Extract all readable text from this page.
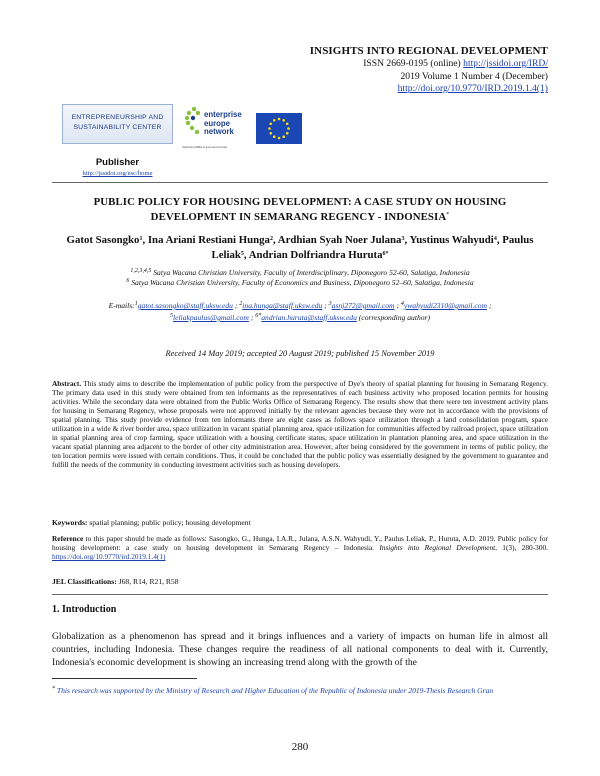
INSIGHTS INTO REGIONAL DEVELOPMENT
ISSN 2669-0195 (online) http://jssidoi.org/IRD/
2019 Volume 1 Number 4 (December)
http://doi.org/10.9770/IRD.2019.1.4(1)
ENTREPRENEURSHIP AND
SUSTAINABILITY CENTER
enterprise
europe
network
Supporting SMEs to grow and innovate
Publisher
http://jssidoi.org/esc/home
PUBLIC POLICY FOR HOUSING DEVELOPMENT: A CASE STUDY ON HOUSING
DEVELOPMENT IN SEMARANG REGENCY - INDONESIA*
Gatot Sasongko$^1$, Ina Ariani Restiani Hunga$^2$, Ardhian Syah Noer Julana$^3$, Yustinus Wahyudi$^4$, Paulus Leliak$^5$, Andrian Dolfriandra Huruta$^{6*}$
$^{1,2,3,4,5}$ Satya Wacana Christian University, Faculty of Interdisciplinary, Diponegoro 52-60, Salatiga, Indonesia
$^6$ Satya Wacana Christian University, Faculty of Economics and Business, Diponegoro 52–60, Salatiga, Indonesia
E-mails:$^1$gatot.sasongko@staff.uksw.edu ; $^2$ina.hunga@staff.uksw.edu ; $^3$asnj272@gmail.com ; $^4$ywahyudi2310@gmail.com ;
$^5$leliakpaulus@gmail.com ; $^{6*}$andrian.huruta@staff.uksw.edu (corresponding author)
Received 14 May 2019; accepted 20 August 2019; published 15 November 2019
Abstract. This study aims to describe the implementation of public policy from the perspective of Dye's theory of spatial planning for housing in Semarang Regency. The primary data used in this study were obtained from ten informants as the representatives of each business activity who proposed location permits for housing activities. While the secondary data were obtained from the Public Works Office of Semarang Regency. The results show that there were ten investment activity plans for housing in Semarang Regency, whose proposals were not approved initially by the relevant agencies because they were not in accordance with the provisions of spatial planning. This study provide evidence from ten informants there are eight cases as follows space utilization through a land consolidation program, space utilization in a wide & river border area, space utilization in vacant spatial planning area, space utilization for communities affected by railroad project, space utilization in spatial planning area of crop farming, space utilization with a housing certificate status, space utilization in plantation planning area, and space utilization in the vacant spatial planning area adjacent to the border of other city administration area. However, after being considered by the government in terms of public policy, the ten location permits were issued with certain conditions. Thus, it could be concluded that the public policy was essentially designed by the government to guarantee and fulfill the needs of the community in conducting investment activities such as housing developers.
Keywords: spatial planning; public policy; housing development
Reference to this paper should be made as follows: Sasongko, G., Hunga, I.A.R., Julana, A.S.N. Wahyudi, Y., Paulus Leliak, P., Huruta, A.D. 2019. Public policy for housing development: a case study on housing development in Semarang Regency – Indonesia. Insights into Regional Development, 1(3), 280-300. https://doi.org/10.9770/ird.2019.1.4(1)
JEL Classifications: J68, R14, R21, R58
1. Introduction
Globalization as a phenomenon has spread and it brings influences and a variety of impacts on human life in almost all countries, including Indonesia. These changes require the readiness of all national components to deal with it. Currently, Indonesia's economic development is showing an increasing trend along with the growth of the
* This research was supported by the Ministry of Research and Higher Education of the Republic of Indonesia under 2019-Thesis Research Gran
280
